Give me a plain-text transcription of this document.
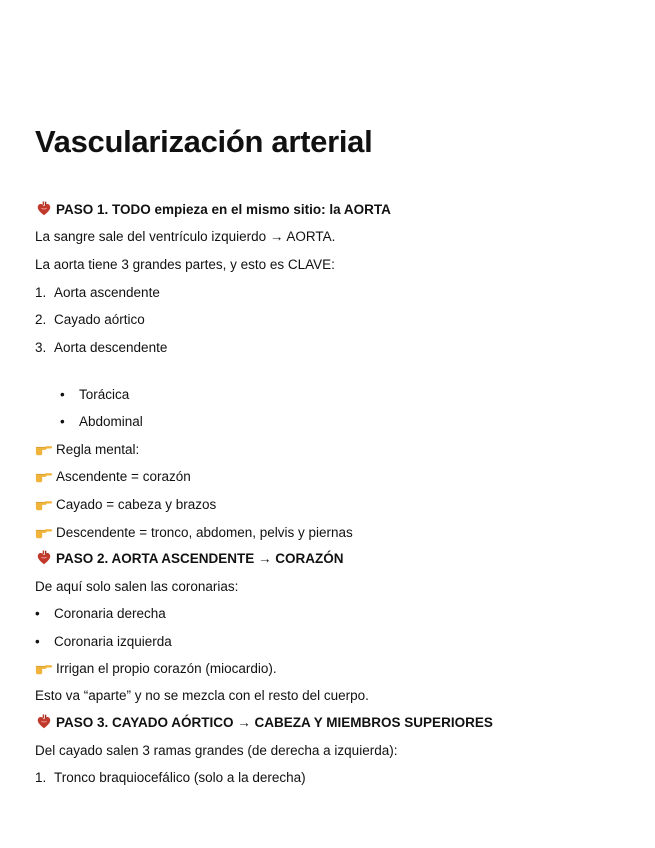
Vascularización arterial
PASO 1. TODO empieza en el mismo sitio: la AORTA
La sangre sale del ventrículo izquierdo → AORTA.
La aorta tiene 3 grandes partes, y esto es CLAVE:
1. Aorta ascendente
2. Cayado aórtico
3. Aorta descendente
•Torácica
•Abdominal
Regla mental:
Ascendente = corazón
Cayado = cabeza y brazos
Descendente = tronco, abdomen, pelvis y piernas
PASO 2. AORTA ASCENDENTE → CORAZÓN
De aquí solo salen las coronarias:
•Coronaria derecha
•Coronaria izquierda
Irrigan el propio corazón (miocardio).
Esto va “aparte” y no se mezcla con el resto del cuerpo.
PASO 3. CAYADO AÓRTICO → CABEZA Y MIEMBROS SUPERIORES
Del cayado salen 3 ramas grandes (de derecha a izquierda):
1. Tronco braquiocefálico (solo a la derecha)
